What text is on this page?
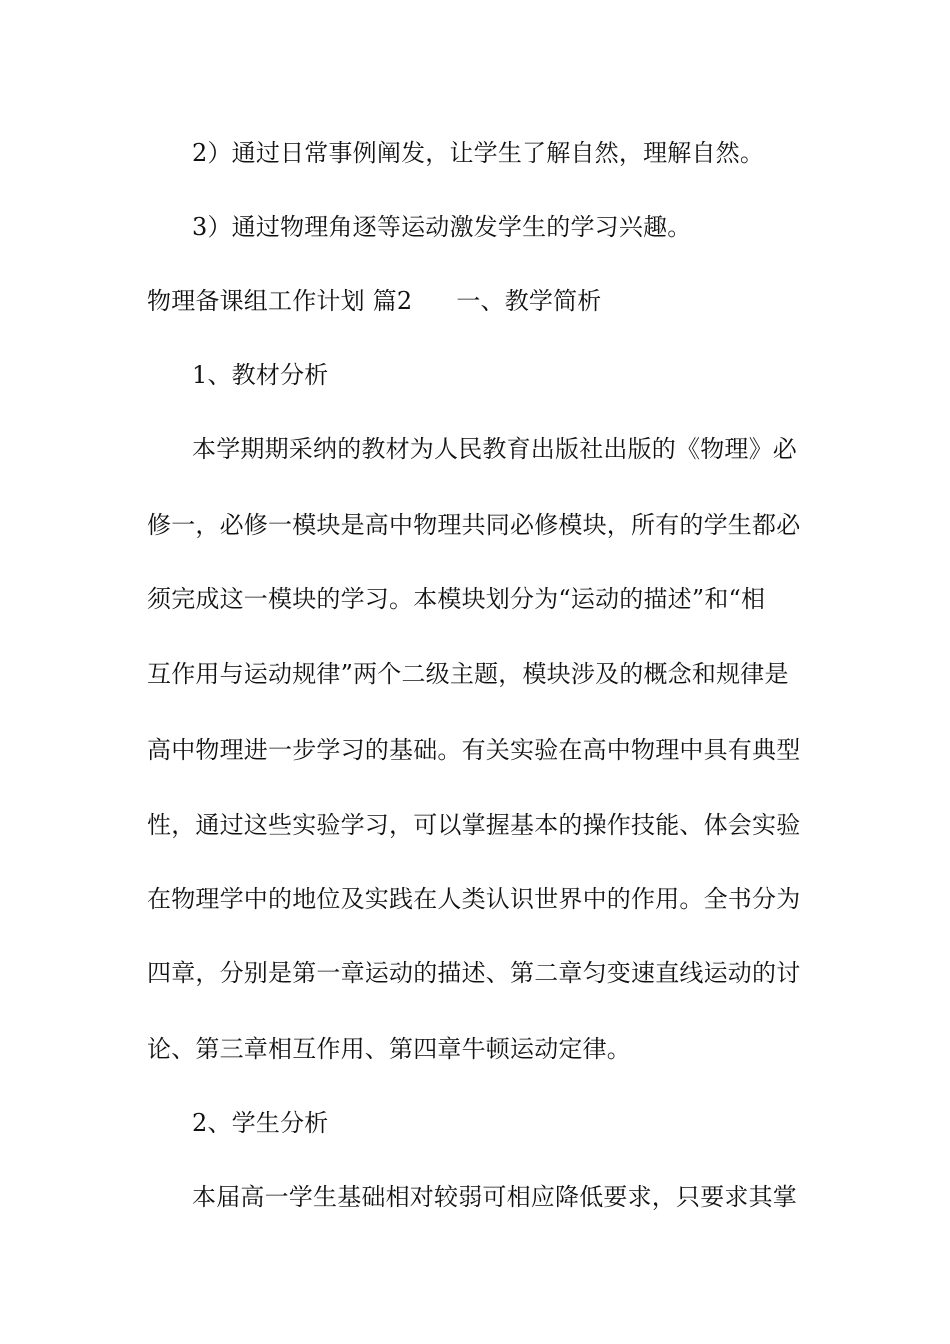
2）通过日常事例阐发，让学生了解自然，理解自然。
3）通过物理角逐等运动激发学生的学习兴趣。
物理备课组工作计划 篇2 一、教学简析
1、教材分析
本学期期采纳的教材为人民教育出版社出版的《物理》必
修一，必修一模块是高中物理共同必修模块，所有的学生都必
须完成这一模块的学习。本模块划分为“运动的描述”和“相
互作用与运动规律”两个二级主题，模块涉及的概念和规律是
高中物理进一步学习的基础。有关实验在高中物理中具有典型
性，通过这些实验学习，可以掌握基本的操作技能、体会实验
在物理学中的地位及实践在人类认识世界中的作用。全书分为
四章，分别是第一章运动的描述、第二章匀变速直线运动的讨
论、第三章相互作用、第四章牛顿运动定律。
2、学生分析
本届高一学生基础相对较弱可相应降低要求，只要求其掌
